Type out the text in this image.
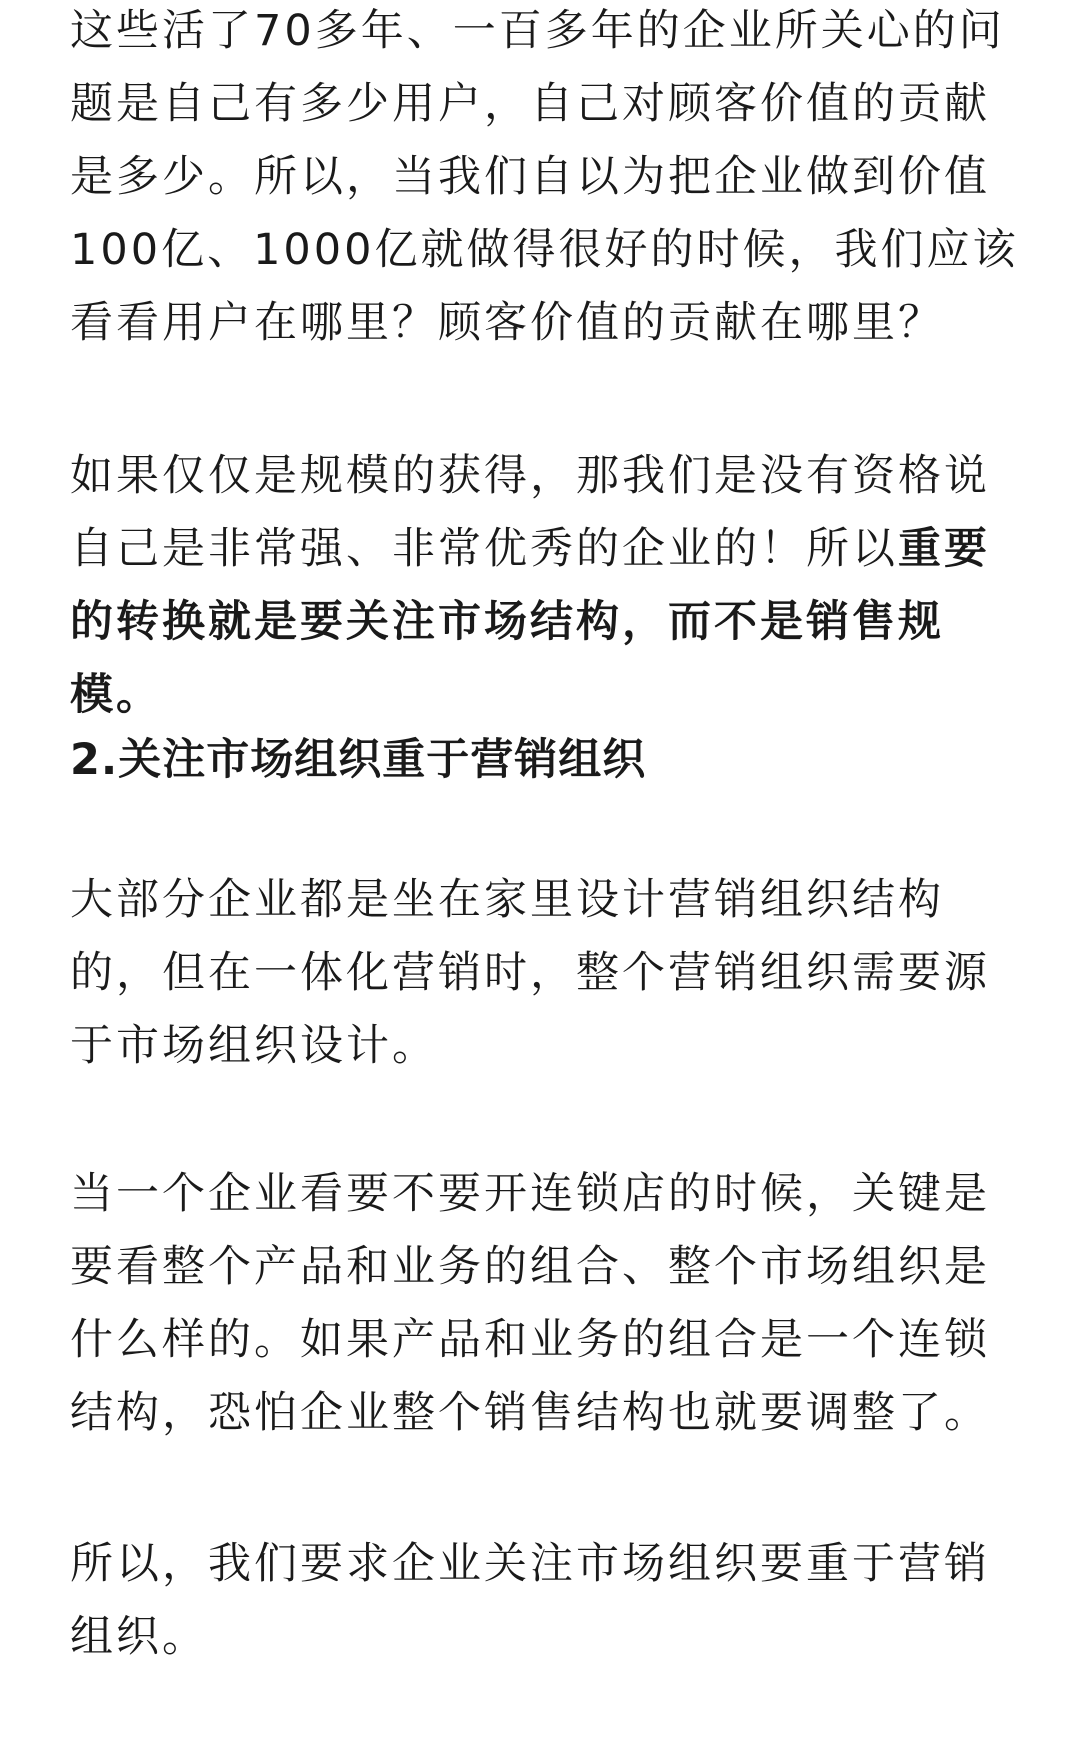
这些活了70多年、一百多年的企业所关心的问题是自己有多少用户，自己对顾客价值的贡献是多少。所以，当我们自以为把企业做到价值100亿、1000亿就做得很好的时候，我们应该看看用户在哪里？顾客价值的贡献在哪里？

如果仅仅是规模的获得，那我们是没有资格说自己是非常强、非常优秀的企业的！所以重要的转换就是要关注市场结构，而不是销售规模。

2.关注市场组织重于营销组织

大部分企业都是坐在家里设计营销组织结构的，但在一体化营销时，整个营销组织需要源于市场组织设计。

当一个企业看要不要开连锁店的时候，关键是要看整个产品和业务的组合、整个市场组织是什么样的。如果产品和业务的组合是一个连锁结构，恐怕企业整个销售结构也就要调整了。

所以，我们要求企业关注市场组织要重于营销组织。
